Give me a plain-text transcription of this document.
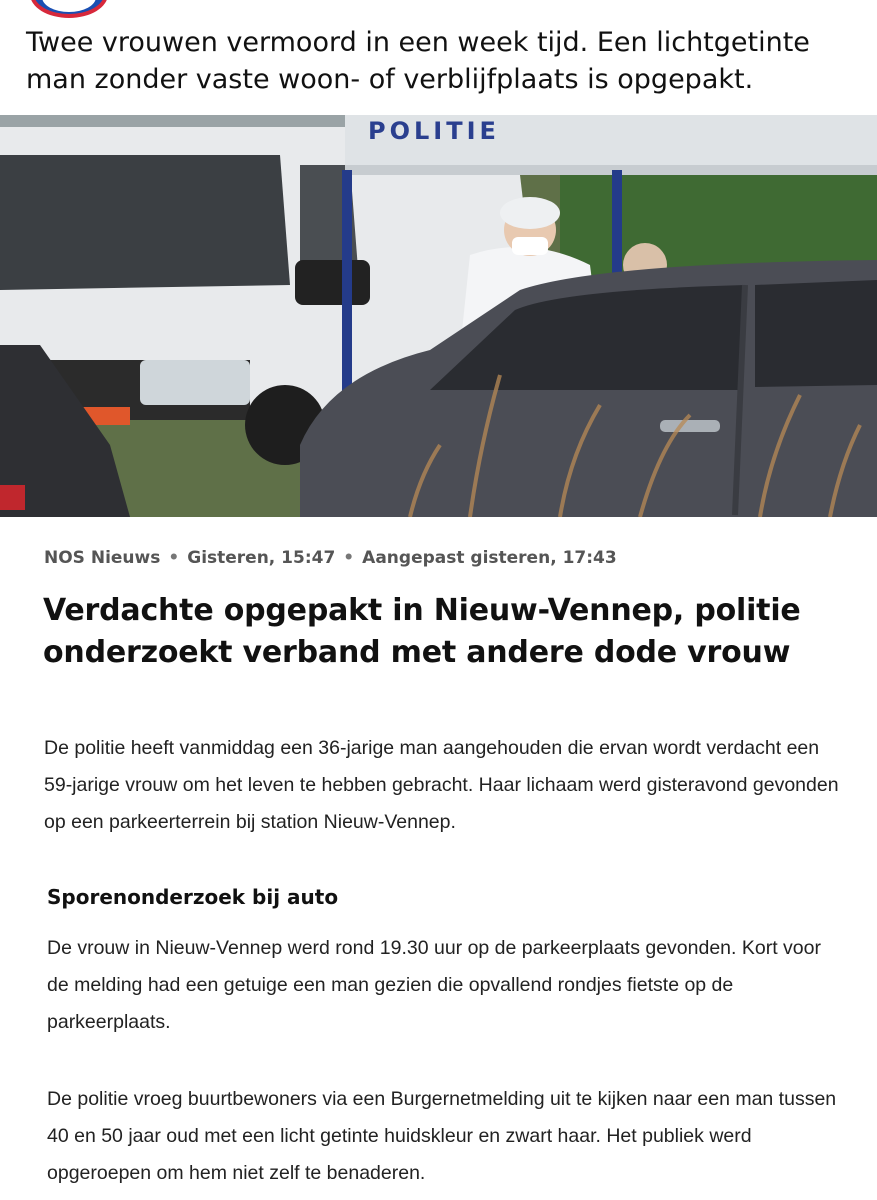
Twee vrouwen vermoord in een week tijd. Een lichtgetinte man zonder vaste woon- of verblijfplaats is opgepakt.
POLITIE
NOS Nieuws • Gisteren, 15:47 • Aangepast gisteren, 17:43
Verdachte opgepakt in Nieuw-Vennep, politie onderzoekt verband met andere dode vrouw
De politie heeft vanmiddag een 36-jarige man aangehouden die ervan wordt verdacht een 59-jarige vrouw om het leven te hebben gebracht. Haar lichaam werd gisteravond gevonden op een parkeerterrein bij station Nieuw-Vennep.
Sporenonderzoek bij auto
De vrouw in Nieuw-Vennep werd rond 19.30 uur op de parkeerplaats gevonden. Kort voor de melding had een getuige een man gezien die opvallend rondjes fietste op de parkeerplaats.
De politie vroeg buurtbewoners via een Burgernetmelding uit te kijken naar een man tussen 40 en 50 jaar oud met een licht getinte huidskleur en zwart haar. Het publiek werd opgeroepen om hem niet zelf te benaderen.
